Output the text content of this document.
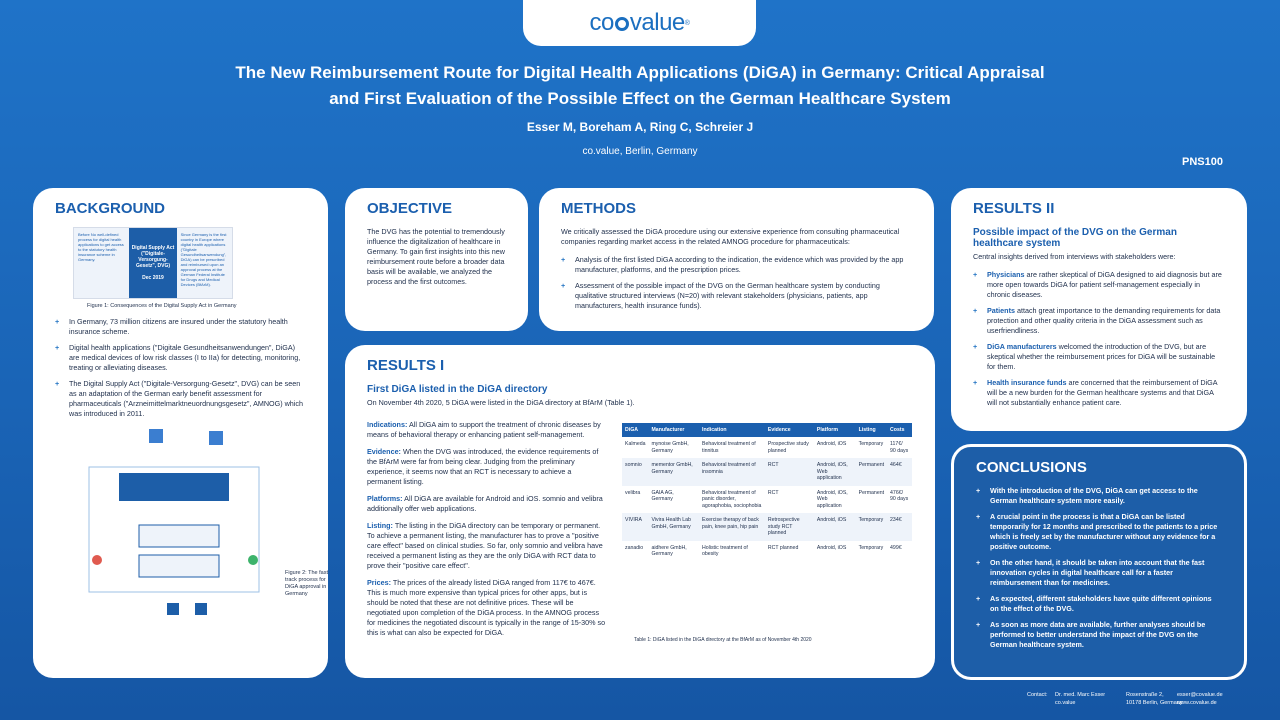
co value ®
The New Reimbursement Route for Digital Health Applications (DiGA) in Germany: Critical Appraisal
and First Evaluation of the Possible Effect on the German Healthcare System
Esser M, Boreham A, Ring C, Schreier J
co.value, Berlin, Germany
PNS100
BACKGROUND
Before No well-defined process for digital health applications to get access to the statutory health insurance scheme in Germany.
Digital Supply Act ("Digitale-Versorgung-Gesetz", DVG)
Dec 2019
Since Germany is the first country in Europe where digital health applications ("Digitale Gesundheitsanwendung", DiGA) can be prescribed and reimbursed upon an approval process at the German Federal Institute for Drugs and Medical Devices (BfArM).
Figure 1: Consequences of the Digital Supply Act in Germany
+ In Germany, 73 million citizens are insured under the statutory health insurance scheme.
+ Digital health applications ("Digitale Gesundheitsanwendungen", DiGA) are medical devices of low risk classes (I to IIa) for detecting, monitoring, treating or alleviating diseases.
+ The Digital Supply Act ("Digitale-Versorgung-Gesetz", DVG) can be seen as an adaptation of the German early benefit assessment for pharmaceuticals ("Arzneimittelmarktneuordnungsgesetz", AMNOG) which was introduced in 2011.
Figure 2: The fast track process for DiGA approval in Germany
OBJECTIVE

The DVG has the potential to tremendously influence the digitalization of healthcare in Germany. To gain first insights into this new reimbursement route before a broader data basis will be available, we analyzed the process and the first outcomes.

METHODS

We critically assessed the DiGA procedure using our extensive experience from consulting pharmaceutical companies regarding market access in the related AMNOG procedure for pharmaceuticals:

+ Analysis of the first listed DiGA according to the indication, the evidence which was provided by the app manufacturer, platforms, and the prescription prices.
+ Assessment of the possible impact of the DVG on the German healthcare system by conducting qualitative structured interviews (N=20) with relevant stakeholders (physicians, patients, app manufacturers, health insurance funds).
RESULTS I
First DiGA listed in the DiGA directory

On November 4th 2020, 5 DiGA were listed in the DiGA directory at BfArM (Table 1).

Indications: All DiGA aim to support the treatment of chronic diseases by means of behavioral therapy or enhancing patient self-management.

Evidence: When the DVG was introduced, the evidence requirements of the BfArM were far from being clear. Judging from the preliminary experience, it seems now that an RCT is necessary to achieve a permanent listing.

Platforms: All DiGA are available for Android and iOS. somnio and velibra additionally offer web applications.

Listing: The listing in the DiGA directory can be temporary or permanent. To achieve a permanent listing, the manufacturer has to prove a "positive care effect" based on clinical studies. So far, only somnio and velibra have received a permanent listing as they are the only DiGA with RCT data to prove their "positive care effect".

Prices: The prices of the already listed DiGA ranged from 117€ to 467€. This is much more expensive than typical prices for other apps, but is should be noted that these are not definitive prices. These will be negotiated upon completion of the DiGA process. In the AMNOG process for medicines the negotiated discount is typically in the range of 15-30% so this is what can also be expected for DiGA.

DiGA	Manufacturer	Indication	Evidence	Platform	Listing	Costs
Kalmeda	mynoise GmbH, Germany	Behavioral treatment of tinnitus	Prospective study planned	Android, iOS	Temporary	117€/ 90 days
somnio	mementor GmbH, Germany	Behavioral treatment of insomnia	RCT	Android, iOS, Web application	Permanent	464€
velibra	GAIA AG, Germany	Behavioral treatment of panic disorder, agoraphobia, sociophobia	RCT	Android, iOS, Web application	Permanent	476€/ 90 days
VIVIRA	Vivira Health Lab GmbH, Germany	Exercise therapy of back pain, knee pain, hip pain	Retrospective study RCT planned	Android, iOS	Temporary	234€
zanadio	aidhere GmbH, Germany	Holistic treatment of obesity	RCT planned	Android, iOS	Temporary	499€
Table 1: DiGA listed in the DiGA directory at the BfArM as of November 4th 2020
RESULTS II
Possible impact of the DVG on the German healthcare system

Central insights derived from interviews with stakeholders were:

+ Physicians are rather skeptical of DiGA designed to aid diagnosis but are more open towards DiGA for patient self-management especially in chronic diseases.
+ Patients attach great importance to the demanding requirements for data protection and other quality criteria in the DiGA assessment such as userfriendliness.
+ DiGA manufacturers welcomed the introduction of the DVG, but are skeptical whether the reimbursement prices for DiGA will be sustainable for them.
+ Health insurance funds are concerned that the reimbursement of DiGA will be a new burden for the German healthcare systems and that DiGA will not substantially enhance patient care.
CONCLUSIONS
+ With the introduction of the DVG, DiGA can get access to the German healthcare system more easily.
+ A crucial point in the process is that a DiGA can be listed temporarily for 12 months and prescribed to the patients to a price which is freely set by the manufacturer without any evidence for a positive outcome.
+ On the other hand, it should be taken into account that the fast innovation cycles in digital healthcare call for a faster reimbursement than for medicines.
+ As expected, different stakeholders have quite different opinions on the effect of the DVG.
+ As soon as more data are available, further analyses should be performed to better understand the impact of the DVG on the German healthcare system.
Contact: Dr. med. Marc Esser
co.value
Rosenstraße 2,
10178 Berlin, Germany
esser@covalue.de
www.covalue.de
